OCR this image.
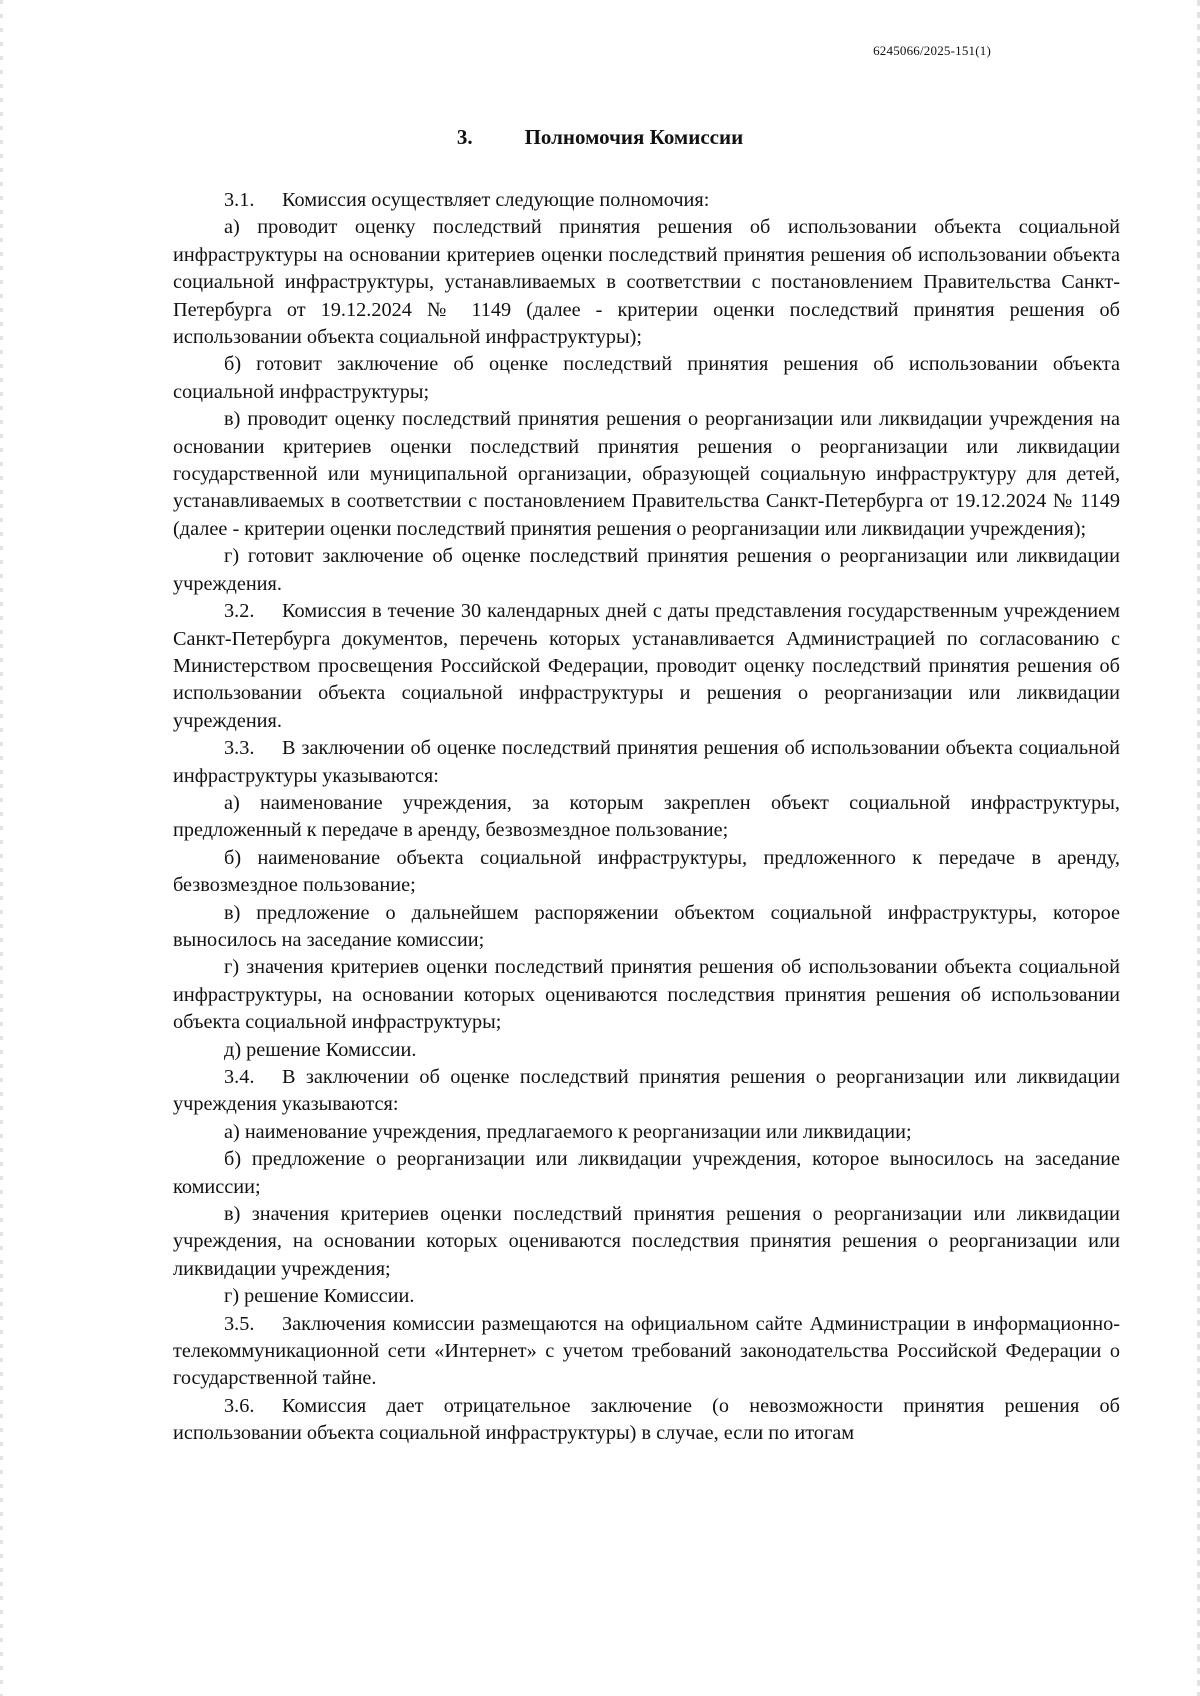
6245066/2025-151(1)
3. Полномочия Комиссии

3.1. Комиссия осуществляет следующие полномочия:

а) проводит оценку последствий принятия решения об использовании объекта социальной инфраструктуры на основании критериев оценки последствий принятия решения об использовании объекта социальной инфраструктуры, устанавливаемых в соответствии с постановлением Правительства Санкт-Петербурга от 19.12.2024 № 1149 (далее - критерии оценки последствий принятия решения об использовании объекта социальной инфраструктуры);

б) готовит заключение об оценке последствий принятия решения об использовании объекта социальной инфраструктуры;

в) проводит оценку последствий принятия решения о реорганизации или ликвидации учреждения на основании критериев оценки последствий принятия решения о реорганизации или ликвидации государственной или муниципальной организации, образующей социальную инфраструктуру для детей, устанавливаемых в соответствии с постановлением Правительства Санкт-Петербурга от 19.12.2024 № 1149 (далее - критерии оценки последствий принятия решения о реорганизации или ликвидации учреждения);

г) готовит заключение об оценке последствий принятия решения о реорганизации или ликвидации учреждения.

3.2. Комиссия в течение 30 календарных дней с даты представления государственным учреждением Санкт-Петербурга документов, перечень которых устанавливается Администрацией по согласованию с Министерством просвещения Российской Федерации, проводит оценку последствий принятия решения об использовании объекта социальной инфраструктуры и решения о реорганизации или ликвидации учреждения.

3.3. В заключении об оценке последствий принятия решения об использовании объекта социальной инфраструктуры указываются:

а) наименование учреждения, за которым закреплен объект социальной инфраструктуры, предложенный к передаче в аренду, безвозмездное пользование;

б) наименование объекта социальной инфраструктуры, предложенного к передаче в аренду, безвозмездное пользование;

в) предложение о дальнейшем распоряжении объектом социальной инфраструктуры, которое выносилось на заседание комиссии;

г) значения критериев оценки последствий принятия решения об использовании объекта социальной инфраструктуры, на основании которых оцениваются последствия принятия решения об использовании объекта социальной инфраструктуры;

д) решение Комиссии.

3.4. В заключении об оценке последствий принятия решения о реорганизации или ликвидации учреждения указываются:

а) наименование учреждения, предлагаемого к реорганизации или ликвидации;

б) предложение о реорганизации или ликвидации учреждения, которое выносилось на заседание комиссии;

в) значения критериев оценки последствий принятия решения о реорганизации или ликвидации учреждения, на основании которых оцениваются последствия принятия решения о реорганизации или ликвидации учреждения;

г) решение Комиссии.

3.5. Заключения комиссии размещаются на официальном сайте Администрации в информационно-телекоммуникационной сети «Интернет» с учетом требований законодательства Российской Федерации о государственной тайне.

3.6. Комиссия дает отрицательное заключение (о невозможности принятия решения об использовании объекта социальной инфраструктуры) в случае, если по итогам
